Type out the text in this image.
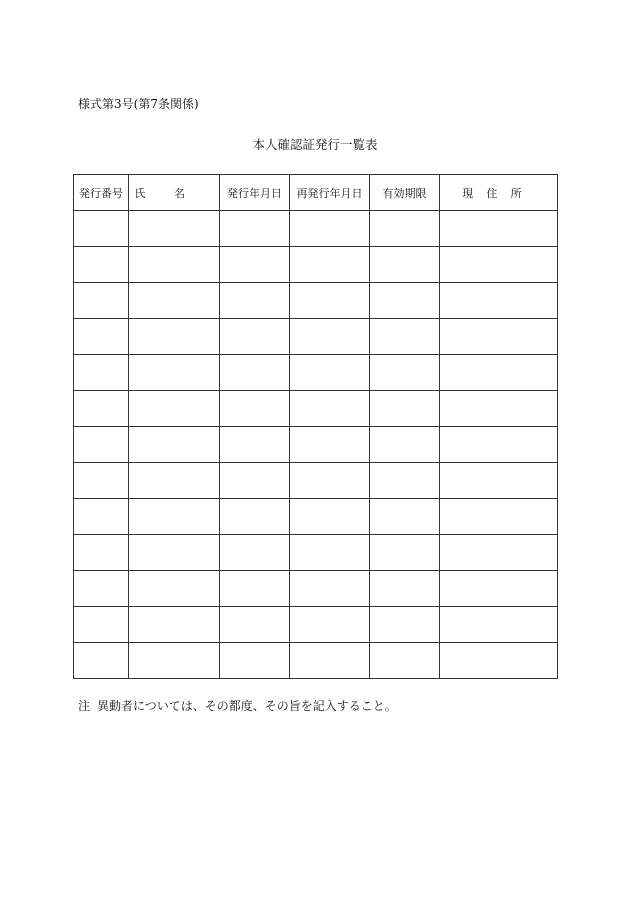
様式第3号(第7条関係)
本人確認証発行一覧表
発行番号	氏名	発行年月日	再発行年月日	有効期限	現住所

注 異動者については、その都度、その旨を記入すること。
